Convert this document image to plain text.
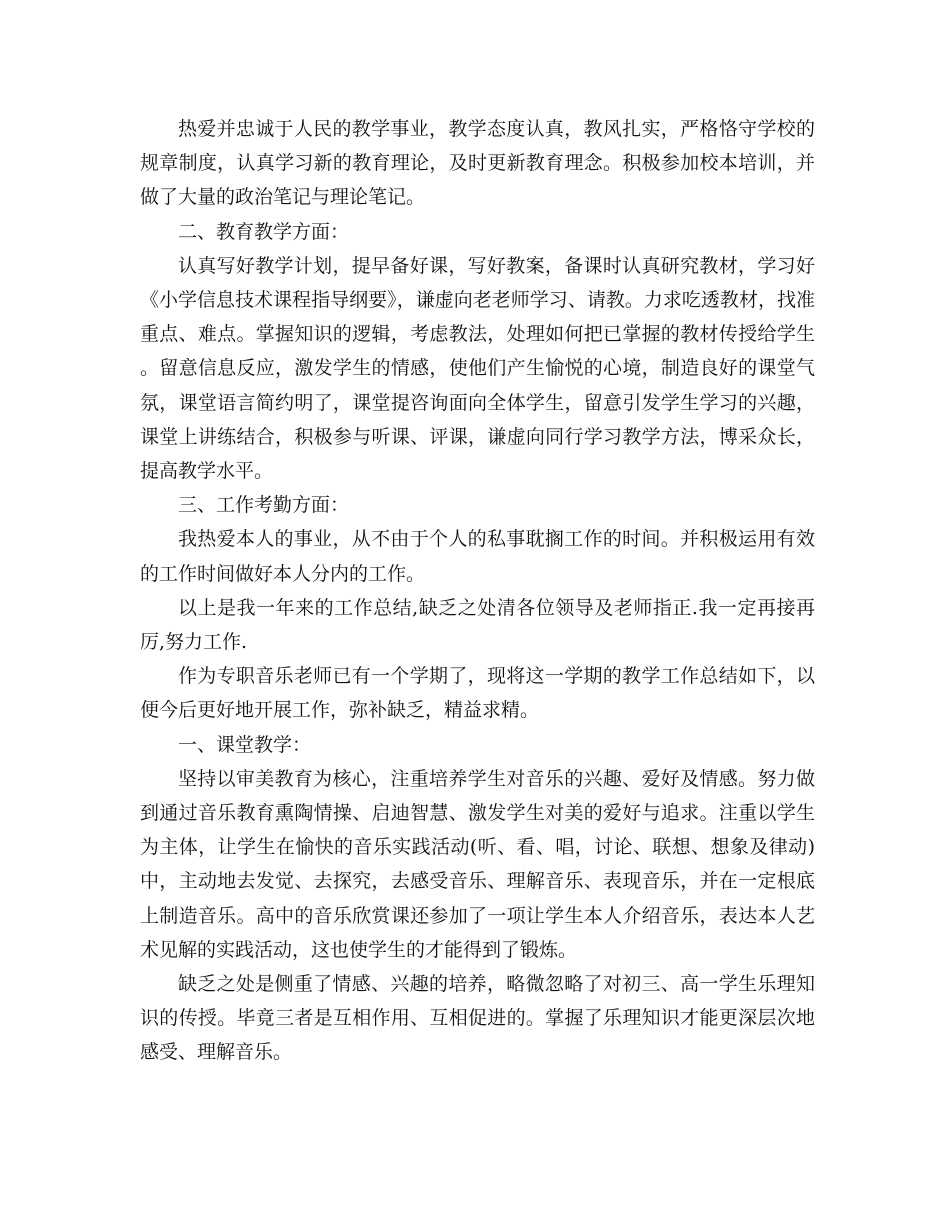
热爱并忠诚于人民的教学事业，教学态度认真，教风扎实，严格恪守学校的规章制度，认真学习新的教育理论，及时更新教育理念。积极参加校本培训，并做了大量的政治笔记与理论笔记。

二、教育教学方面：

认真写好教学计划，提早备好课，写好教案，备课时认真研究教材，学习好《小学信息技术课程指导纲要》，谦虚向老老师学习、请教。力求吃透教材，找准重点、难点。掌握知识的逻辑，考虑教法，处理如何把已掌握的教材传授给学生。留意信息反应，激发学生的情感，使他们产生愉悦的心境，制造良好的课堂气氛，课堂语言简约明了，课堂提咨询面向全体学生，留意引发学生学习的兴趣，课堂上讲练结合，积极参与听课、评课，谦虚向同行学习教学方法，博采众长，提高教学水平。

三、工作考勤方面：

我热爱本人的事业，从不由于个人的私事耽搁工作的时间。并积极运用有效的工作时间做好本人分内的工作。

以上是我一年来的工作总结,缺乏之处清各位领导及老师指正.我一定再接再厉,努力工作.

作为专职音乐老师已有一个学期了，现将这一学期的教学工作总结如下，以便今后更好地开展工作，弥补缺乏，精益求精。

一、课堂教学：

坚持以审美教育为核心，注重培养学生对音乐的兴趣、爱好及情感。努力做到通过音乐教育熏陶情操、启迪智慧、激发学生对美的爱好与追求。注重以学生为主体，让学生在愉快的音乐实践活动(听、看、唱，讨论、联想、想象及律动)中，主动地去发觉、去探究，去感受音乐、理解音乐、表现音乐，并在一定根底上制造音乐。高中的音乐欣赏课还参加了一项让学生本人介绍音乐，表达本人艺术见解的实践活动，这也使学生的才能得到了锻炼。

缺乏之处是侧重了情感、兴趣的培养，略微忽略了对初三、高一学生乐理知识的传授。毕竟三者是互相作用、互相促进的。掌握了乐理知识才能更深层次地感受、理解音乐。
